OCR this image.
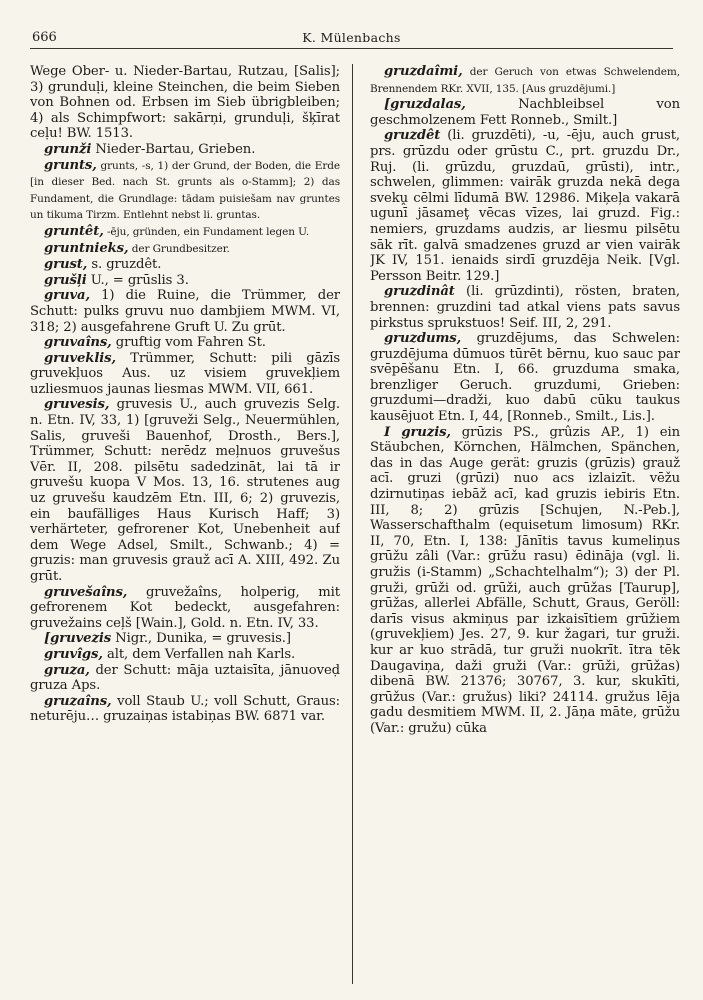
666	K. Mülenbachs

Wege Ober- u. Nieder-Bartau, Rutzau, [Salis]; 3) grunduḷi, kleine Steinchen, die beim Sieben von Bohnen od. Erbsen im Sieb übrigbleiben; 4) als Schimpfwort: sakārņi, grunduḷi, šķīrat ceḷu! BW. 1513.

grunži Nieder-Bartau, Grieben.

grunts, grunts, -s, 1) der Grund, der Boden, die Erde [in dieser Bed. nach St. grunts als o-Stamm]; 2) das Fundament, die Grundlage: tādam puisiešam nav gruntes un tikuma Tirzm. Entlehnt nebst li. gruntas.

gruntêt, -ēju, gründen, ein Fundament legen U.

gruntnieks, der Grundbesitzer.

grust, s. gruzdêt.

grušļi U., = grūslis 3.

gruva, 1) die Ruine, die Trümmer, der Schutt: pulks gruvu nuo dambjiem MWM. VI, 318; 2) ausgefahrene Gruft U. Zu grūt.

gruvaîns, gruftig vom Fahren St.

gruveklis, Trümmer, Schutt: pili gāzīs gruvekļuos Aus. uz visiem gruvekļiem uzliesmuos jaunas liesmas MWM. VII, 661.

gruvesis, gruvesis U., auch gruvezis Selg. n. Etn. IV, 33, 1) [gruveži Selg., Neuermühlen, Salis, gruveši Bauenhof, Drosth., Bers.], Trümmer, Schutt: nerēdz meļnuos gruvešus Vēr. II, 208. pilsētu sadedzināt, lai tā ir gruvešu kuopa V Mos. 13, 16. strutenes aug uz gruvešu kaudzēm Etn. III, 6; 2) gruvezis, ein baufälliges Haus Kurisch Haff; 3) verhärteter, gefrorener Kot, Unebenheit auf dem Wege Adsel, Smilt., Schwanb.; 4) = gruzis: man gruvesis grauž acī A. XIII, 492. Zu grūt.

gruvešaîns, gruvežaîns, holperig, mit gefrorenem Kot bedeckt, ausgefahren: gruvežains ceļš [Wain.], Gold. n. Etn. IV, 33.

[gruvezis Nigr., Dunika, = gruvesis.]

gruvîgs, alt, dem Verfallen nah Karls.

gruza, der Schutt: māja uztaisīta, jānuoveḍ gruza Aps.

gruzaîns, voll Staub U.; voll Schutt, Graus: neturēju… gruzaiņas istabiņas BW. 6871 var.

gruzdaîmi, der Geruch von etwas Schwelendem, Brennendem RKr. XVII, 135. [Aus gruzdējumi.]

[gruzdalas, Nachbleibsel von geschmolzenem Fett Ronneb., Smilt.]

gruzdêt (li. gruzdēti), -u, -ēju, auch grust, prs. grūzdu oder grūstu C., prt. gruzdu Dr., Ruj. (li. grūzdu, gruzdaū, grūsti), intr., schwelen, glimmen: vairāk gruzda nekā dega svekṷ cēlmi līdumā BW. 12986. Miķeļa vakarā ugunī jāsameţ vēcas vīzes, lai gruzd. Fig.: nemiers, gruzdams audzis, ar liesmu pilsētu sāk rīt. galvā smadzenes gruzd ar vien vairāk JK IV, 151. ienaids sirdī gruzdēja Neik. [Vgl. Persson Beitr. 129.]

gruzdinât (li. grūzdinti), rösten, braten, brennen: gruzdini tad atkal viens pats savus pirkstus sprukstuos! Seif. III, 2, 291.

gruzdums, gruzdējums, das Schwelen: gruzdējuma dūmuos tūrēt bērnu, kuo sauc par svēpēšanu Etn. I, 66. gruzduma smaka, brenzliger Geruch. gruzdumi, Grieben: gruzdumi—dradži, kuo dabū cūku taukus kausējuot Etn. I, 44, [Ronneb., Smilt., Lis.].

I gruzis, grūzis PS., grûzis AP., 1) ein Stäubchen, Körnchen, Hälmchen, Spänchen, das in das Auge gerät: gruzis (grūzis) grauž acī. gruzi (grūzi) nuo acs izlaizīt. vēžu dzirnutiņas iebāž acī, kad gruzis iebiris Etn. III, 8; 2) grūzis [Schujen, N.-Peb.], Wasserschafthalm (equisetum limosum) RKr. II, 70, Etn. I, 138: Jānītis tavus kumeliņus grūžu zâli (Var.: grūžu rasu) ēdināja (vgl. li. gružis (i-Stamm) „Schachtelhalm“); 3) der Pl. gruži, grūži od. grūži, auch grūžas [Taurup], grūžas, allerlei Abfälle, Schutt, Graus, Geröll: darīs visus akmiņus par izkaisītiem grūžiem (gruvekļiem) Jes. 27, 9. kur žagari, tur gruži. kur ar kuo strādā, tur gruži nuokrīt. ītra tēk Daugaviņa, daži gruži (Var.: grūži, grūžas) dibenā BW. 21376; 30767, 3. kur, skukīti, grūžus (Var.: gružus) liki? 24114. gružus lēja gadu desmitiem MWM. II, 2. Jāņa māte, grūžu (Var.: gružu) cūka
